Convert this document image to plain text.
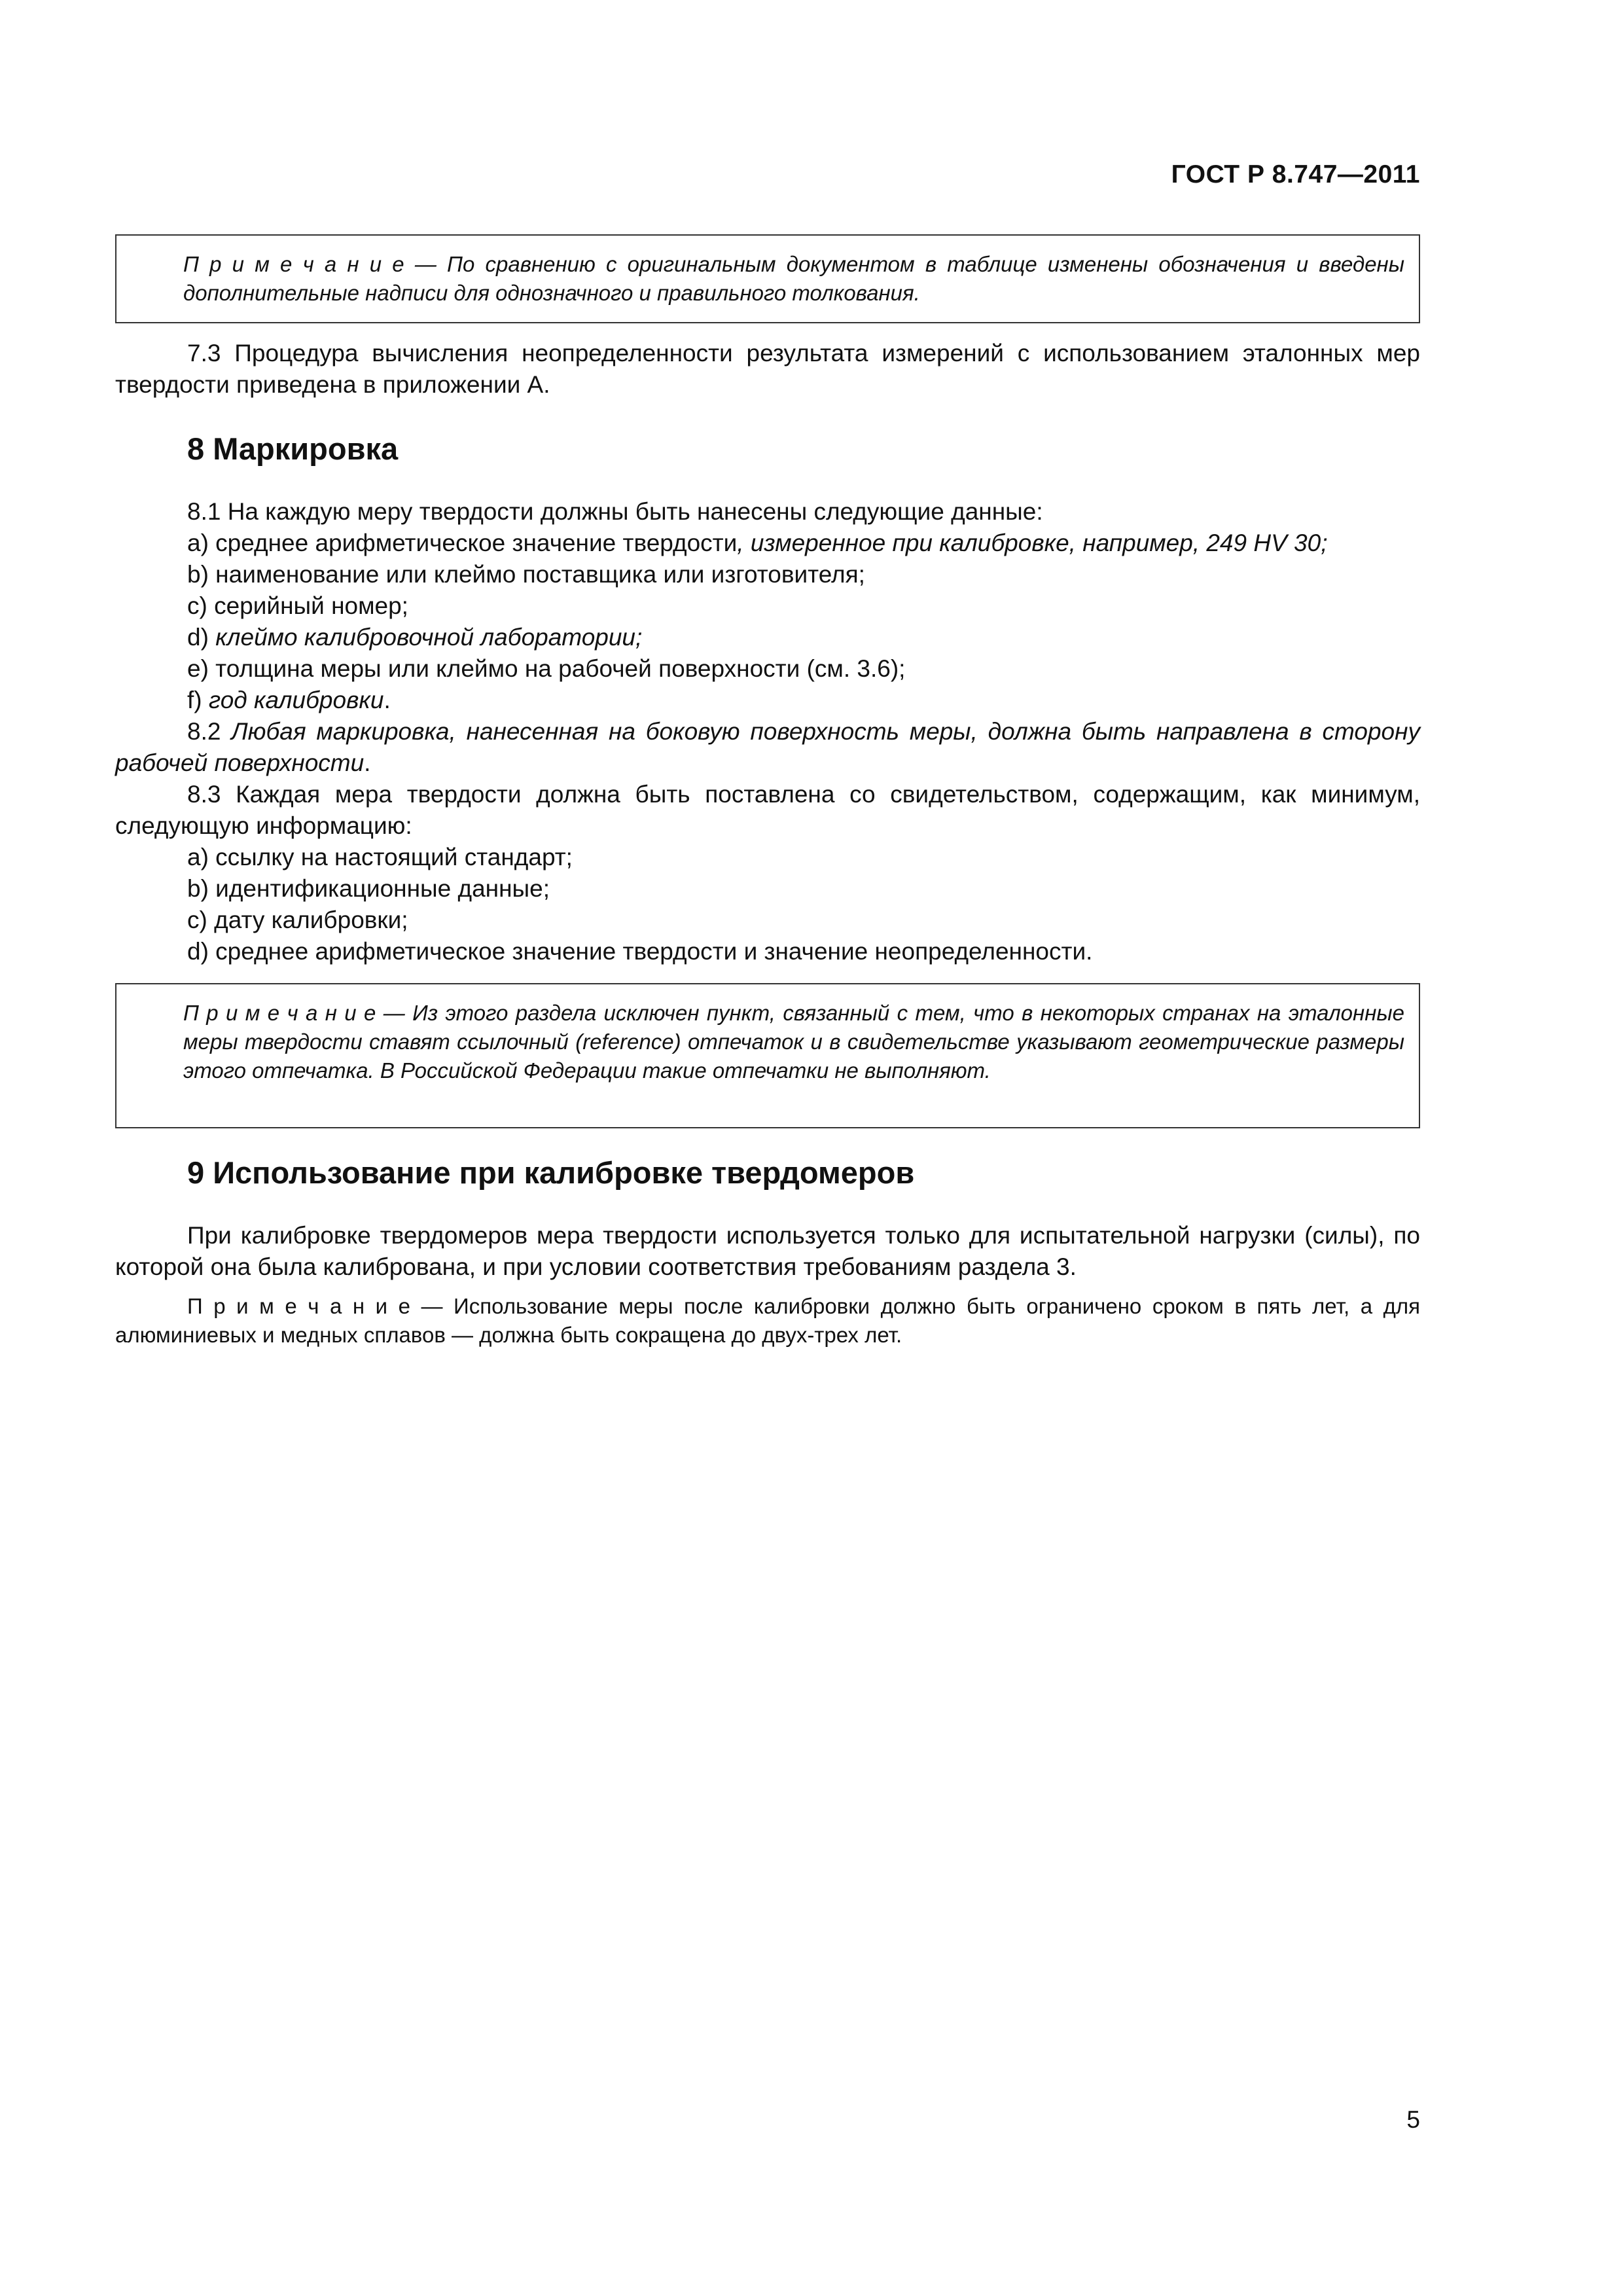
ГОСТ Р 8.747—2011

П р и м е ч а н и е — По сравнению с оригинальным документом в таблице изменены обозначения и введены дополнительные надписи для однозначного и правильного толкования.

7.3 Процедура вычисления неопределенности результата измерений с использованием эталонных мер твердости приведена в приложении А.

8 Маркировка

8.1 На каждую меру твердости должны быть нанесены следующие данные:

a) среднее арифметическое значение твердости, измеренное при калибровке, например, 249 HV 30;

b) наименование или клеймо поставщика или изготовителя;

c) серийный номер;

d) клеймо калибровочной лаборатории;

e) толщина меры или клеймо на рабочей поверхности (см. 3.6);

f) год калибровки.

8.2 Любая маркировка, нанесенная на боковую поверхность меры, должна быть направлена в сторону рабочей поверхности.

8.3 Каждая мера твердости должна быть поставлена со свидетельством, содержащим, как минимум, следующую информацию:

a) ссылку на настоящий стандарт;

b) идентификационные данные;

c) дату калибровки;

d) среднее арифметическое значение твердости и значение неопределенности.

П р и м е ч а н и е — Из этого раздела исключен пункт, связанный с тем, что в некоторых странах на эталонные меры твердости ставят ссылочный (reference) отпечаток и в свидетельстве указывают геометрические размеры этого отпечатка. В Российской Федерации такие отпечатки не выполняют.

9 Использование при калибровке твердомеров

При калибровке твердомеров мера твердости используется только для испытательной нагрузки (силы), по которой она была калибрована, и при условии соответствия требованиям раздела 3.

П р и м е ч а н и е — Использование меры после калибровки должно быть ограничено сроком в пять лет, а для алюминиевых и медных сплавов — должна быть сокращена до двух-трех лет.

5
